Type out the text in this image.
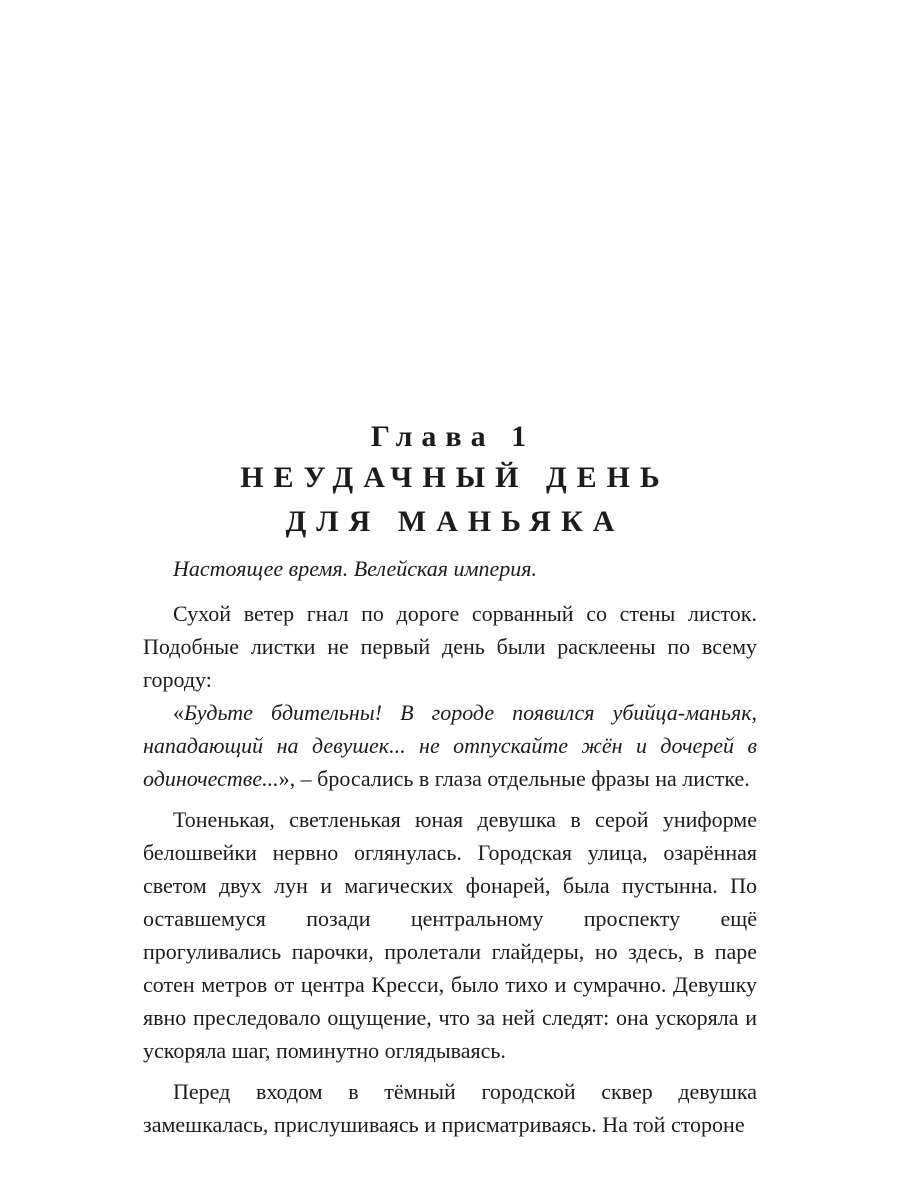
Глава 1

НЕУДАЧНЫЙ ДЕНЬ

ДЛЯ МАНЬЯКА

Настоящее время. Велейская империя.

Сухой ветер гнал по дороге сорванный со стены листок. Подобные листки не первый день были расклеены по всему городу:

«Будьте бдительны! В городе появился убийца-маньяк, нападающий на девушек... не отпускайте жён и дочерей в одиночестве...», – бросались в глаза отдельные фразы на листке.

Тоненькая, светленькая юная девушка в серой униформе белошвейки нервно оглянулась. Городская улица, озарённая светом двух лун и магических фонарей, была пустынна. По оставшемуся позади центральному проспекту ещё прогуливались парочки, пролетали глайдеры, но здесь, в паре сотен метров от центра Кресси, было тихо и сумрачно. Девушку явно преследовало ощущение, что за ней следят: она ускоряла и ускоряла шаг, поминутно оглядываясь.

Перед входом в тёмный городской сквер девушка замешкалась, прислушиваясь и присматриваясь. На той стороне
